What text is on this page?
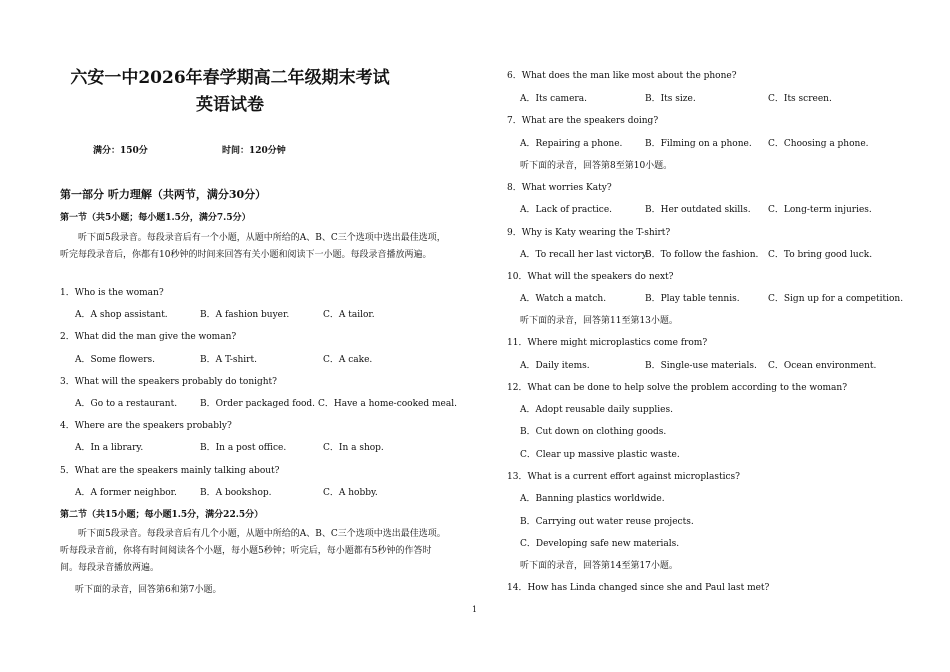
六安一中2026年春学期高二年级期末考试
英语试卷
满分：150分	时间：120分钟
第一部分 听力理解（共两节，满分30分）
第一节（共5小题；每小题1.5分，满分7.5分）
听下面5段录音。每段录音后有一个小题，从题中所给的A、B、C三个选项中选出最佳选项，听完每段录音后，你都有10秒钟的时间来回答有关小题和阅读下一小题。每段录音播放两遍。
1．Who is the woman?
A．A shop assistant.	B．A fashion buyer.	C．A tailor.
2．What did the man give the woman?
A．Some flowers.	B．A T-shirt.	C．A cake.
3．What will the speakers probably do tonight?
A．Go to a restaurant.	B．Order packaged food. C．Have a home-cooked meal.
4．Where are the speakers probably?
A．In a library.	B．In a post office.	C．In a shop.
5．What are the speakers mainly talking about?
A．A former neighbor.	B．A bookshop.	C．A hobby.
第二节（共15小题；每小题1.5分，满分22.5分）
听下面5段录音。每段录音后有几个小题，从题中所给的A、B、C三个选项中选出最佳选项。听每段录音前，你将有时间阅读各个小题，每小题5秒钟；听完后，每小题都有5秒钟的作答时间。每段录音播放两遍。
听下面的录音，回答第6和第7小题。
6．What does the man like most about the phone?
A．Its camera.	B．Its size.	C．Its screen.
7．What are the speakers doing?
A．Repairing a phone.	B．Filming on a phone. C．Choosing a phone.
听下面的录音，回答第8至第10小题。
8．What worries Katy?
A．Lack of practice.	B．Her outdated skills. C．Long-term injuries.
9．Why is Katy wearing the T-shirt?
A．To recall her last victory.
B．To follow the fashion. C．To bring good luck.
10．What will the speakers do next?
A．Watch a match.	B．Play table tennis.	C．Sign up for a competition.
听下面的录音，回答第11至第13小题。
11．Where might microplastics come from?
A．Daily items.	B．Single-use materials. C．Ocean environment.
12．What can be done to help solve the problem according to the woman?
A．Adopt reusable daily supplies.
B．Cut down on clothing goods.
C．Clear up massive plastic waste.
13．What is a current effort against microplastics?
A．Banning plastics worldwide.
B．Carrying out water reuse projects.
C．Developing safe new materials.
听下面的录音，回答第14至第17小题。
14．How has Linda changed since she and Paul last met?
1
